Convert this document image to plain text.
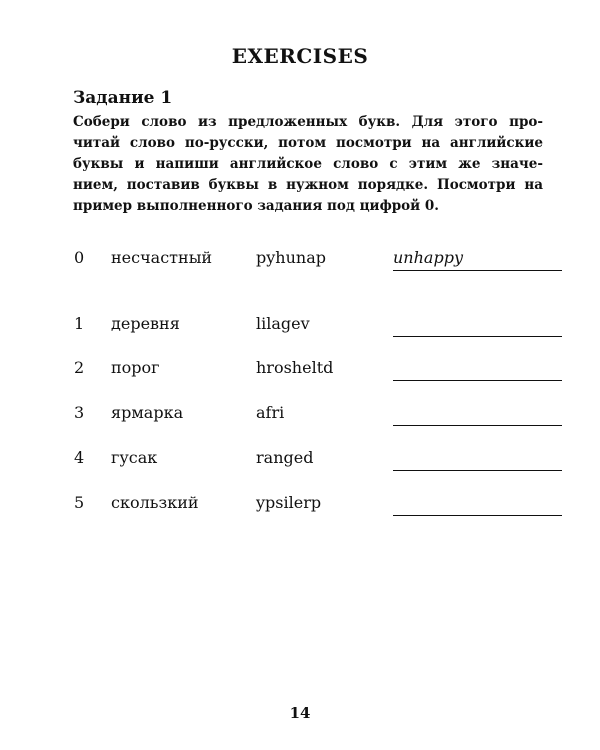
EXERCISES
Задание 1

Собери слово из предложенных букв. Для этого про-
читай слово по-русски, потом посмотри на английские
буквы и напиши английское слово с этим же значе-
нием, поставив буквы в нужном порядке. Посмотри на
пример выполненного задания под цифрой 0.

0 несчастный	pyhunap	unhappy
1 деревня	lilagev
2 порог	hrosheltd
3 ярмарка	afri
4 гусак	ranged
5 скользкий	ypsilerp
14
